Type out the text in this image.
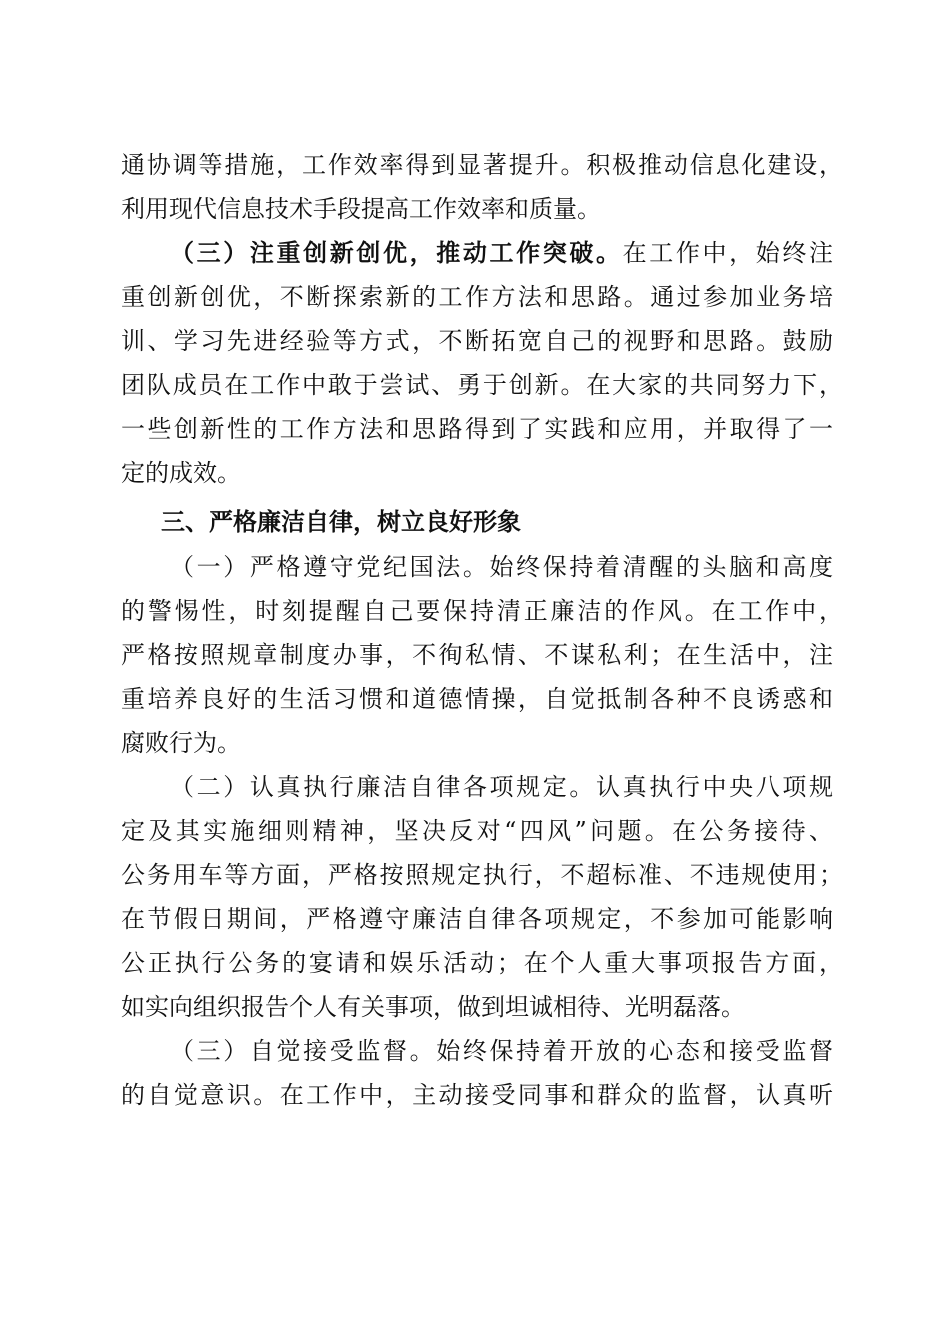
通协调等措施，工作效率得到显著提升。积极推动信息化建设，
利用现代信息技术手段提高工作效率和质量。
（三）注重创新创优，推动工作突破。在工作中，始终注
重创新创优，不断探索新的工作方法和思路。通过参加业务培
训、学习先进经验等方式，不断拓宽自己的视野和思路。鼓励
团队成员在工作中敢于尝试、勇于创新。在大家的共同努力下，
一些创新性的工作方法和思路得到了实践和应用，并取得了一
定的成效。
三、严格廉洁自律，树立良好形象
（一）严格遵守党纪国法。始终保持着清醒的头脑和高度
的警惕性，时刻提醒自己要保持清正廉洁的作风。在工作中，
严格按照规章制度办事，不徇私情、不谋私利；在生活中，注
重培养良好的生活习惯和道德情操，自觉抵制各种不良诱惑和
腐败行为。
（二）认真执行廉洁自律各项规定。认真执行中央八项规
定及其实施细则精神，坚决反对“四风”问题。在公务接待、
公务用车等方面，严格按照规定执行，不超标准、不违规使用；
在节假日期间，严格遵守廉洁自律各项规定，不参加可能影响
公正执行公务的宴请和娱乐活动；在个人重大事项报告方面，
如实向组织报告个人有关事项，做到坦诚相待、光明磊落。
（三）自觉接受监督。始终保持着开放的心态和接受监督
的自觉意识。在工作中，主动接受同事和群众的监督，认真听
